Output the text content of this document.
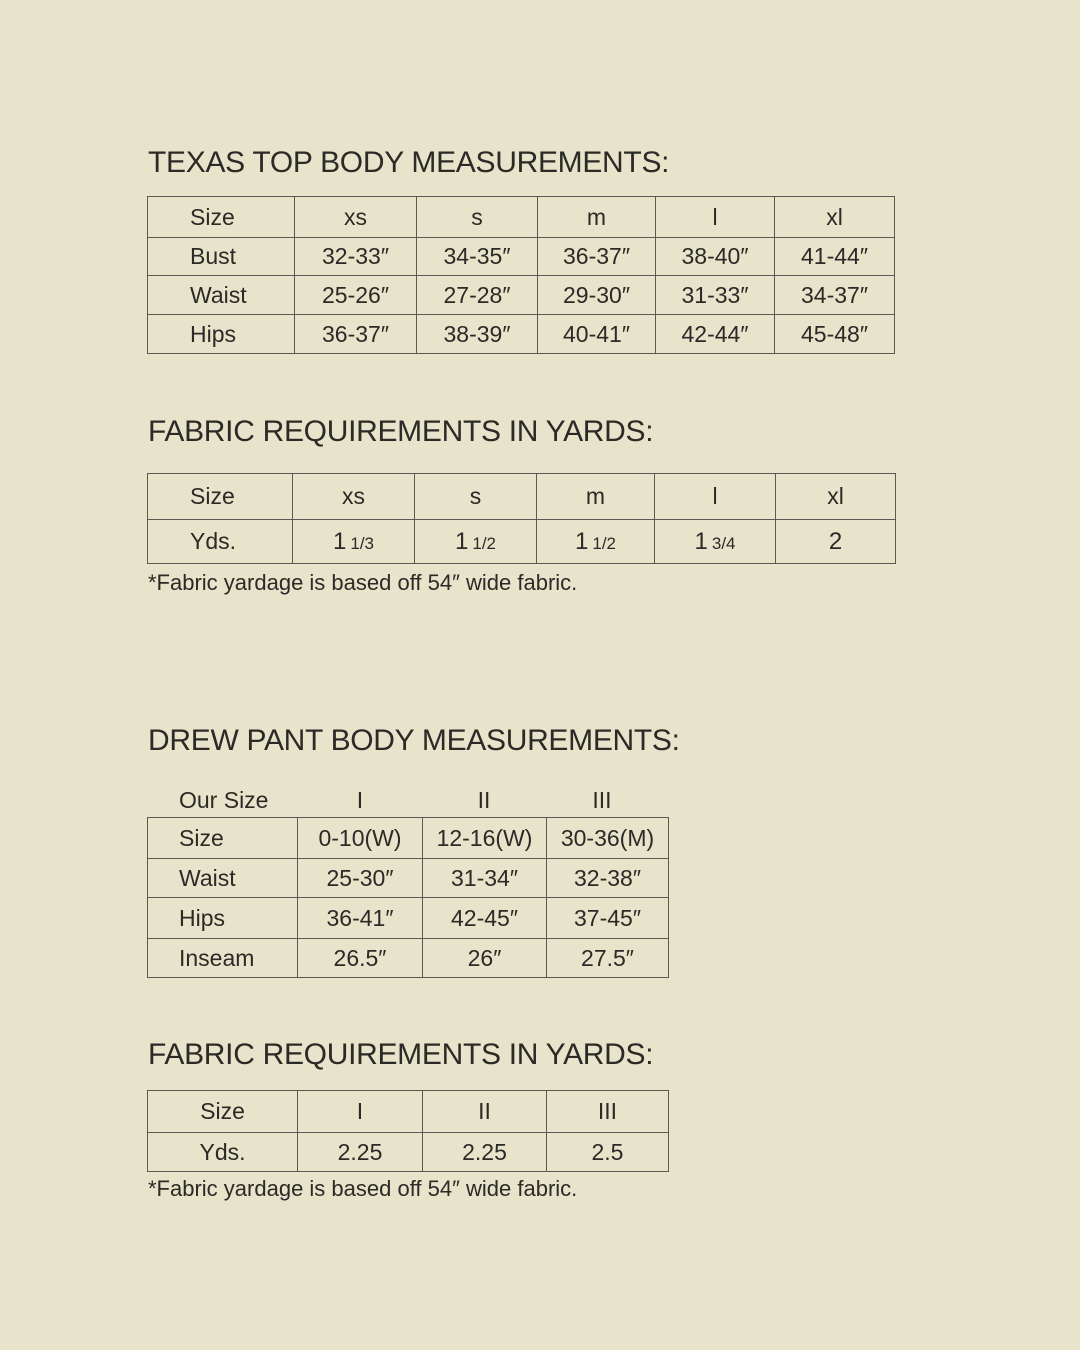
TEXAS TOP BODY MEASUREMENTS:
Size	xs	s	m	l	xl
Bust	32-33″	34-35″	36-37″	38-40″	41-44″
Waist	25-26″	27-28″	29-30″	31-33″	34-37″
Hips	36-37″	38-39″	40-41″	42-44″	45-48″
FABRIC REQUIREMENTS IN YARDS:
Size	xs	s	m	l	xl
Yds.	1 1/3	1 1/2	1 1/2	1 3/4	2

*Fabric yardage is based off 54″ wide fabric.

DREW PANT BODY MEASUREMENTS:
Our Size	I	II	III
Size	0-10(W)	12-16(W)	30-36(M)
Waist	25-30″	31-34″	32-38″
Hips	36-41″	42-45″	37-45″
Inseam	26.5″	26″	27.5″
FABRIC REQUIREMENTS IN YARDS:
Size	I	II	III
Yds.	2.25	2.25	2.5

*Fabric yardage is based off 54″ wide fabric.
